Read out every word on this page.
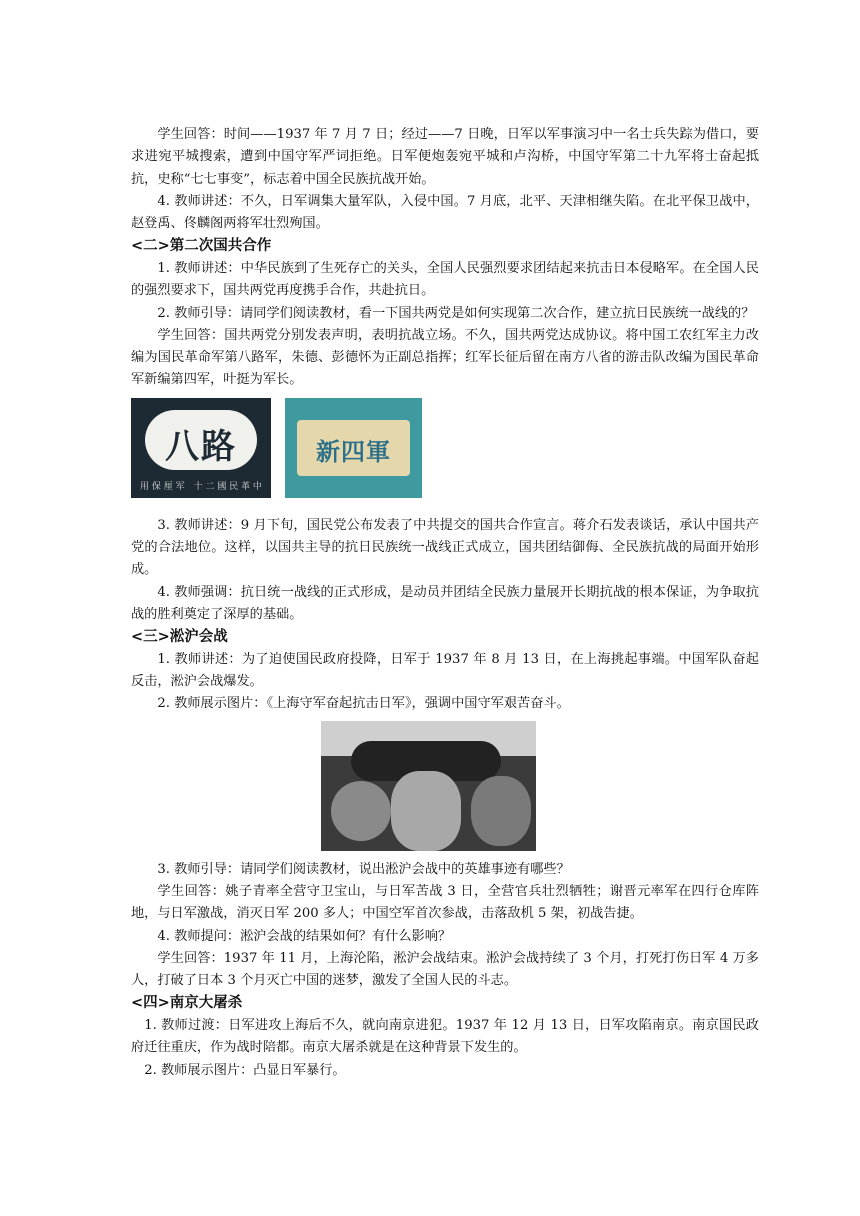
学生回答：时间——1937 年 7 月 7 日；经过——7 日晚，日军以军事演习中一名士兵失踪为借口，要求进宛平城搜索，遭到中国守军严词拒绝。日军便炮轰宛平城和卢沟桥，中国守军第二十九军将士奋起抵抗，史称“七七事变”，标志着中国全民族抗战开始。

4. 教师讲述：不久，日军调集大量军队，入侵中国。7 月底，北平、天津相继失陷。在北平保卫战中，赵登禹、佟麟阁两将军壮烈殉国。

<二>第二次国共合作

1. 教师讲述：中华民族到了生死存亡的关头，全国人民强烈要求团结起来抗击日本侵略军。在全国人民的强烈要求下，国共两党再度携手合作，共赴抗日。

2. 教师引导：请同学们阅读教材，看一下国共两党是如何实现第二次合作，建立抗日民族统一战线的？

学生回答：国共两党分别发表声明，表明抗战立场。不久，国共两党达成协议。将中国工农红军主力改编为国民革命军第八路军，朱德、彭德怀为正副总指挥；红军长征后留在南方八省的游击队改编为国民革命军新编第四军，叶挺为军长。

八路
用 保 厘 军　十 二 國 民 革 中
新四軍

3. 教师讲述：9 月下旬，国民党公布发表了中共提交的国共合作宣言。蒋介石发表谈话，承认中国共产党的合法地位。这样，以国共主导的抗日民族统一战线正式成立，国共团结御侮、全民族抗战的局面开始形成。

4. 教师强调：抗日统一战线的正式形成，是动员并团结全民族力量展开长期抗战的根本保证，为争取抗战的胜利奠定了深厚的基础。

<三>淞沪会战

1. 教师讲述：为了迫使国民政府投降，日军于 1937 年 8 月 13 日，在上海挑起事端。中国军队奋起反击，淞沪会战爆发。

2. 教师展示图片：《上海守军奋起抗击日军》，强调中国守军艰苦奋斗。

3. 教师引导：请同学们阅读教材，说出淞沪会战中的英雄事迹有哪些？

学生回答：姚子青率全营守卫宝山，与日军苦战 3 日，全营官兵壮烈牺牲；谢晋元率军在四行仓库阵地，与日军激战，消灭日军 200 多人；中国空军首次参战，击落敌机 5 架，初战告捷。

4. 教师提问：淞沪会战的结果如何？有什么影响？

学生回答：1937 年 11 月，上海沦陷，淞沪会战结束。淞沪会战持续了 3 个月，打死打伤日军 4 万多人，打破了日本 3 个月灭亡中国的迷梦，激发了全国人民的斗志。

<四>南京大屠杀

1. 教师过渡：日军进攻上海后不久，就向南京进犯。1937 年 12 月 13 日，日军攻陷南京。南京国民政府迁往重庆，作为战时陪都。南京大屠杀就是在这种背景下发生的。

2. 教师展示图片：凸显日军暴行。
